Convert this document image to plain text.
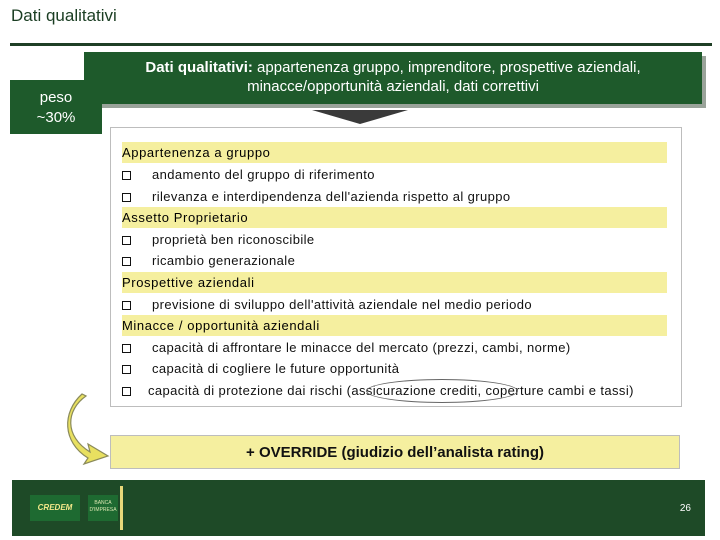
Dati qualitativi
Dati qualitativi: appartenenza gruppo, imprenditore, prospettive aziendali,
minacce/opportunità aziendali, dati correttivi
peso
~30%
Appartenenza a gruppo
andamento del gruppo di riferimento
rilevanza e interdipendenza dell'azienda rispetto al gruppo
Assetto Proprietario
proprietà ben riconoscibile
ricambio generazionale
Prospettive aziendali
previsione di sviluppo dell'attività aziendale nel medio periodo
Minacce / opportunità aziendali
capacità di affrontare le minacce del mercato (prezzi, cambi, norme)
capacità di cogliere le future opportunità
capacità di protezione dai rischi (assicurazione crediti, coperture cambi e tassi)
+ OVERRIDE (giudizio dell’analista rating)
CREDEM	BANCA
D'IMPRESA	26
